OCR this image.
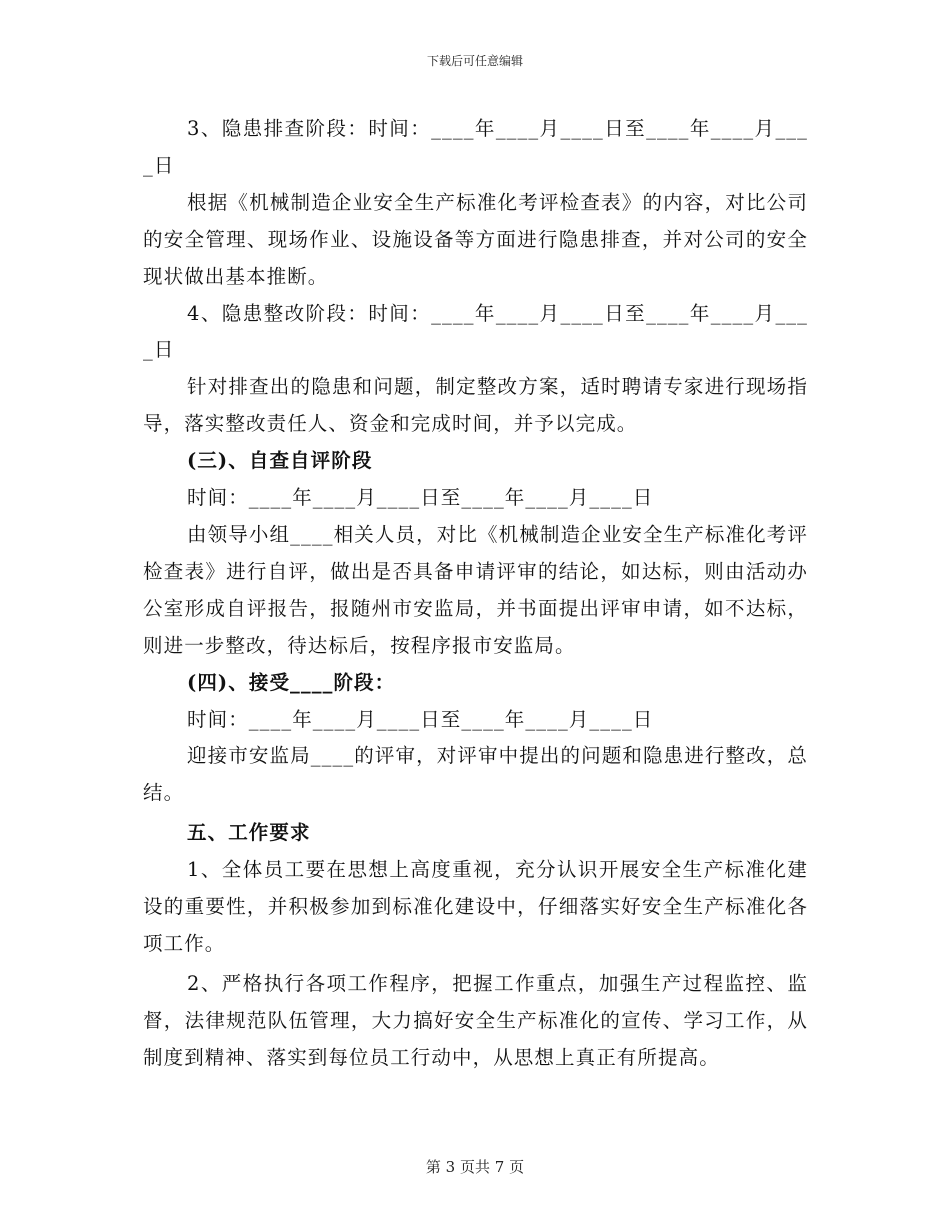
下载后可任意编辑

3、隐患排查阶段：时间：____年____月____日至____年____月____日

根据《机械制造企业安全生产标准化考评检查表》的内容，对比公司的安全管理、现场作业、设施设备等方面进行隐患排查，并对公司的安全现状做出基本推断。

4、隐患整改阶段：时间：____年____月____日至____年____月____日

针对排查出的隐患和问题，制定整改方案，适时聘请专家进行现场指导，落实整改责任人、资金和完成时间，并予以完成。

(三)、自查自评阶段

时间：____年____月____日至____年____月____日

由领导小组____相关人员，对比《机械制造企业安全生产标准化考评检查表》进行自评，做出是否具备申请评审的结论，如达标，则由活动办公室形成自评报告，报随州市安监局，并书面提出评审申请，如不达标，则进一步整改，待达标后，按程序报市安监局。

(四)、接受____阶段：

时间：____年____月____日至____年____月____日

迎接市安监局____的评审，对评审中提出的问题和隐患进行整改，总结。

五、工作要求

1、全体员工要在思想上高度重视，充分认识开展安全生产标准化建设的重要性，并积极参加到标准化建设中，仔细落实好安全生产标准化各项工作。

2、严格执行各项工作程序，把握工作重点，加强生产过程监控、监督，法律规范队伍管理，大力搞好安全生产标准化的宣传、学习工作，从制度到精神、落实到每位员工行动中，从思想上真正有所提高。

第 3 页共 7 页
